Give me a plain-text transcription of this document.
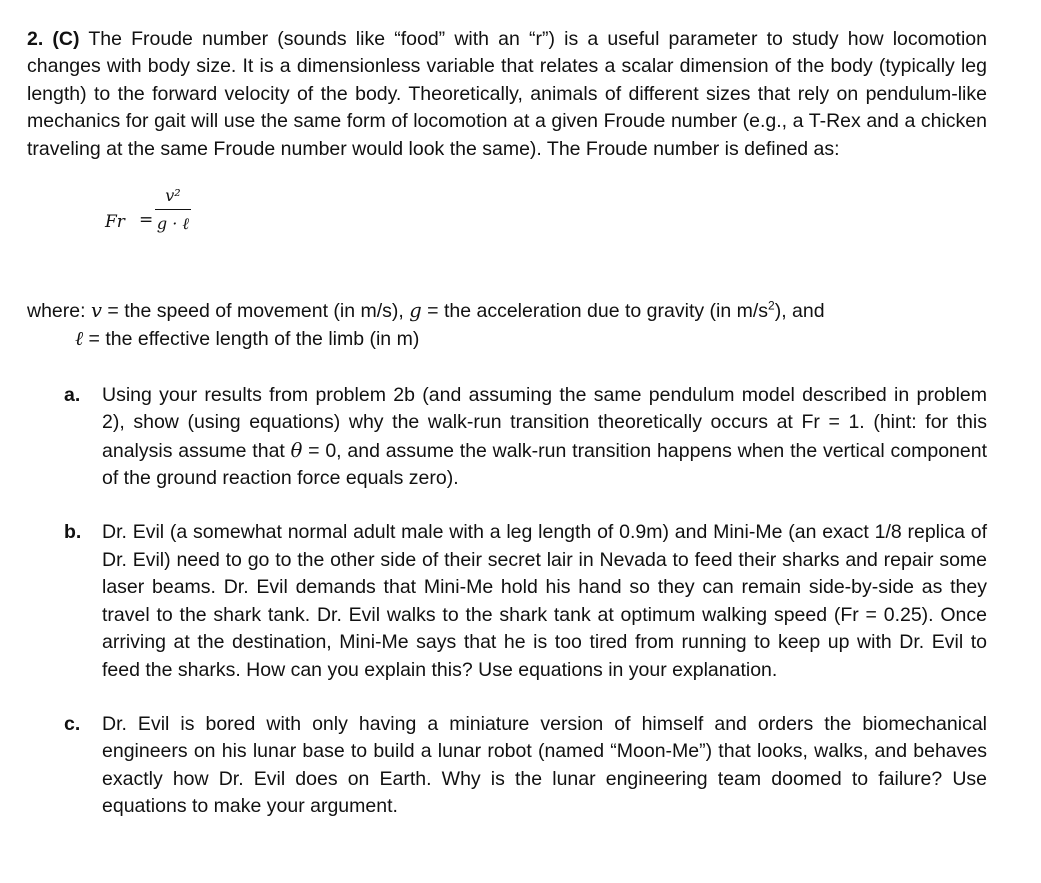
2. (C) The Froude number (sounds like “food” with an “r”) is a useful parameter to study how locomotion changes with body size. It is a dimensionless variable that relates a scalar dimension of the body (typically leg length) to the forward velocity of the body. Theoretically, animals of different sizes that rely on pendulum-like mechanics for gait will use the same form of locomotion at a given Froude number (e.g., a T-Rex and a chicken traveling at the same Froude number would look the same). The Froude number is defined as:

Fr =
v²
g · ℓ

where: v = the speed of movement (in m/s), g = the acceleration due to gravity (in $m/s^2$), and

ℓ = the effective length of the limb (in m)

a. Using your results from problem 2b (and assuming the same pendulum model described in problem 2), show (using equations) why the walk-run transition theoretically occurs at Fr = 1. (hint: for this analysis assume that θ = 0, and assume the walk-run transition happens when the vertical component of the ground reaction force equals zero).

b. Dr. Evil (a somewhat normal adult male with a leg length of 0.9m) and Mini-Me (an exact 1/8 replica of Dr. Evil) need to go to the other side of their secret lair in Nevada to feed their sharks and repair some laser beams. Dr. Evil demands that Mini-Me hold his hand so they can remain side-by-side as they travel to the shark tank. Dr. Evil walks to the shark tank at optimum walking speed (Fr = 0.25). Once arriving at the destination, Mini-Me says that he is too tired from running to keep up with Dr. Evil to feed the sharks. How can you explain this? Use equations in your explanation.

c. Dr. Evil is bored with only having a miniature version of himself and orders the biomechanical engineers on his lunar base to build a lunar robot (named “Moon-Me”) that looks, walks, and behaves exactly how Dr. Evil does on Earth. Why is the lunar engineering team doomed to failure? Use equations to make your argument.
